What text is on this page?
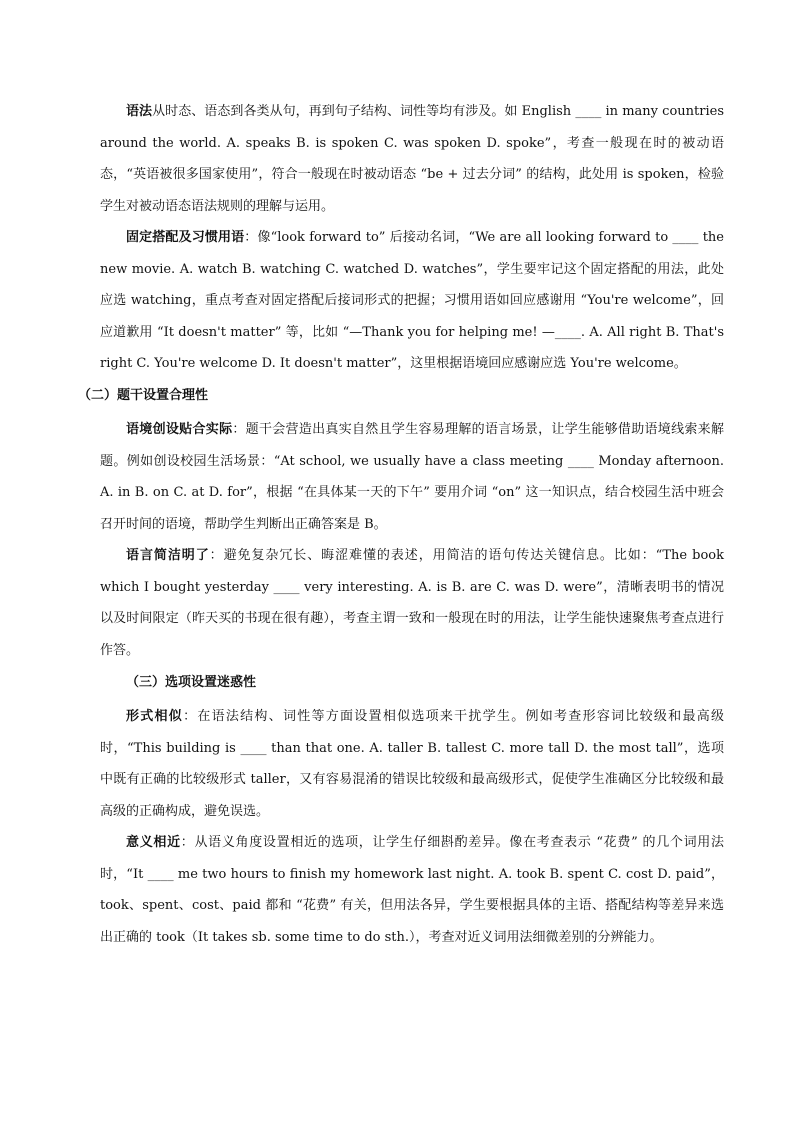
语法从时态、语态到各类从句，再到句子结构、词性等均有涉及。如 English ____ in many countries around the world. A. speaks B. is spoken C. was spoken D. spoke”，考查一般现在时的被动语态，“英语被很多国家使用”，符合一般现在时被动语态 “be + 过去分词” 的结构，此处用 is spoken，检验学生对被动语态语法规则的理解与运用。
固定搭配及习惯用语：像“look forward to” 后接动名词，“We are all looking forward to ____ the new movie. A. watch B. watching C. watched D. watches”，学生要牢记这个固定搭配的用法，此处应选 watching，重点考查对固定搭配后接词形式的把握；习惯用语如回应感谢用 “You're welcome”，回应道歉用 “It doesn't matter” 等，比如 “—Thank you for helping me! —____. A. All right B. That's right C. You're welcome D. It doesn't matter”，这里根据语境回应感谢应选 You're welcome。
（二）题干设置合理性
语境创设贴合实际：题干会营造出真实自然且学生容易理解的语言场景，让学生能够借助语境线索来解题。例如创设校园生活场景：“At school, we usually have a class meeting ____ Monday afternoon. A. in B. on C. at D. for”，根据 “在具体某一天的下午” 要用介词 “on” 这一知识点，结合校园生活中班会召开时间的语境，帮助学生判断出正确答案是 B。
语言简洁明了：避免复杂冗长、晦涩难懂的表述，用简洁的语句传达关键信息。比如：“The book which I bought yesterday ____ very interesting. A. is B. are C. was D. were”，清晰表明书的情况以及时间限定（昨天买的书现在很有趣），考查主谓一致和一般现在时的用法，让学生能快速聚焦考查点进行作答。
（三）选项设置迷惑性
形式相似：在语法结构、词性等方面设置相似选项来干扰学生。例如考查形容词比较级和最高级时，“This building is ____ than that one. A. taller B. tallest C. more tall D. the most tall”，选项中既有正确的比较级形式 taller，又有容易混淆的错误比较级和最高级形式，促使学生准确区分比较级和最高级的正确构成，避免误选。
意义相近：从语义角度设置相近的选项，让学生仔细斟酌差异。像在考查表示 “花费” 的几个词用法时，“It ____ me two hours to finish my homework last night. A. took B. spent C. cost D. paid”，took、spent、cost、paid 都和 “花费” 有关，但用法各异，学生要根据具体的主语、搭配结构等差异来选出正确的 took（It takes sb. some time to do sth.），考查对近义词用法细微差别的分辨能力。
